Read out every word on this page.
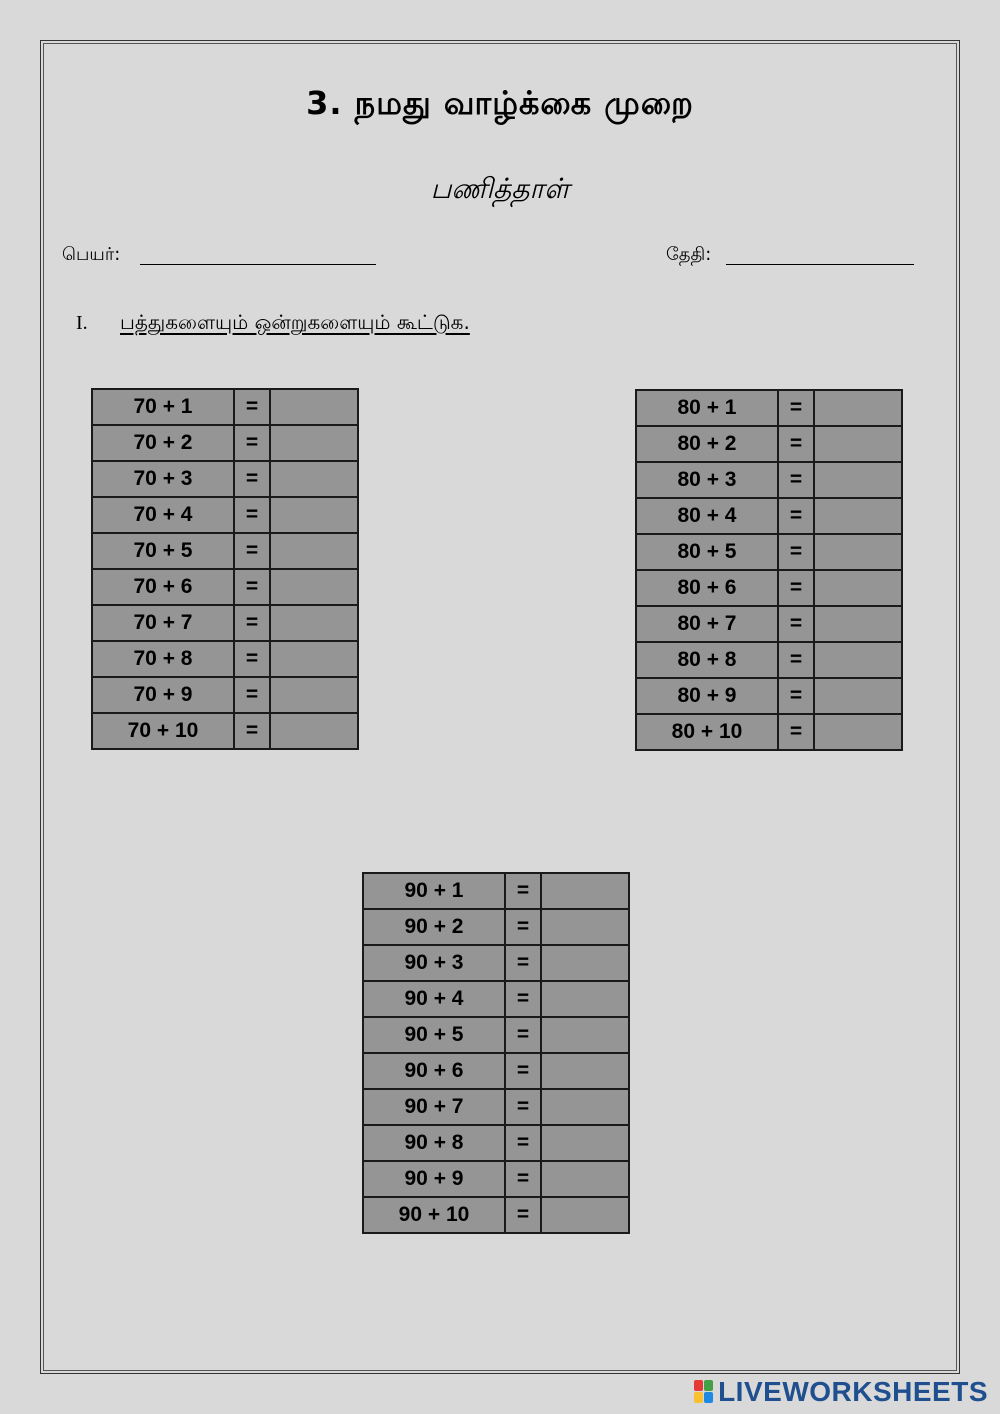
3. நமது வாழ்க்கை முறை
பணித்தாள்
பெயர்:	தேதி:
I. பத்துகளையும் ஒன்றுகளையும் கூட்டுக.
70 + 1	=	
70 + 2	=	
70 + 3	=	
70 + 4	=	
70 + 5	=	
70 + 6	=	
70 + 7	=	
70 + 8	=	
70 + 9	=	
70 + 10	=	
80 + 1	=	
80 + 2	=	
80 + 3	=	
80 + 4	=	
80 + 5	=	
80 + 6	=	
80 + 7	=	
80 + 8	=	
80 + 9	=	
80 + 10	=	
90 + 1	=	
90 + 2	=	
90 + 3	=	
90 + 4	=	
90 + 5	=	
90 + 6	=	
90 + 7	=	
90 + 8	=	
90 + 9	=	
90 + 10	=	
LIVEWORKSHEETS
